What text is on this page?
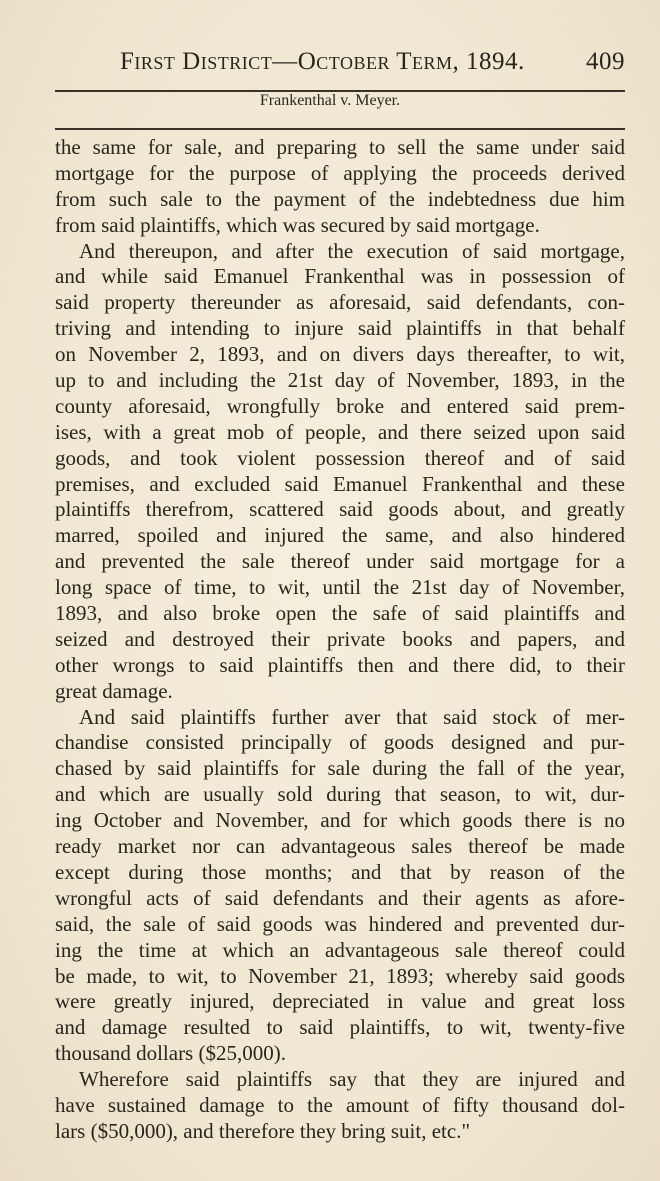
First District—October Term, 1894. 409
Frankenthal v. Meyer.
the same for sale, and preparing to sell the same under said
mortgage for the purpose of applying the proceeds derived
from such sale to the payment of the indebtedness due him
from said plaintiffs, which was secured by said mortgage.
And thereupon, and after the execution of said mortgage,
and while said Emanuel Frankenthal was in possession of
said property thereunder as aforesaid, said defendants, con-
triving and intending to injure said plaintiffs in that behalf
on November 2, 1893, and on divers days thereafter, to wit,
up to and including the 21st day of November, 1893, in the
county aforesaid, wrongfully broke and entered said prem-
ises, with a great mob of people, and there seized upon said
goods, and took violent possession thereof and of said
premises, and excluded said Emanuel Frankenthal and these
plaintiffs therefrom, scattered said goods about, and greatly
marred, spoiled and injured the same, and also hindered
and prevented the sale thereof under said mortgage for a
long space of time, to wit, until the 21st day of November,
1893, and also broke open the safe of said plaintiffs and
seized and destroyed their private books and papers, and
other wrongs to said plaintiffs then and there did, to their
great damage.
And said plaintiffs further aver that said stock of mer-
chandise consisted principally of goods designed and pur-
chased by said plaintiffs for sale during the fall of the year,
and which are usually sold during that season, to wit, dur-
ing October and November, and for which goods there is no
ready market nor can advantageous sales thereof be made
except during those months; and that by reason of the
wrongful acts of said defendants and their agents as afore-
said, the sale of said goods was hindered and prevented dur-
ing the time at which an advantageous sale thereof could
be made, to wit, to November 21, 1893; whereby said goods
were greatly injured, depreciated in value and great loss
and damage resulted to said plaintiffs, to wit, twenty-five
thousand dollars ($25,000).
Wherefore said plaintiffs say that they are injured and
have sustained damage to the amount of fifty thousand dol-
lars ($50,000), and therefore they bring suit, etc."
